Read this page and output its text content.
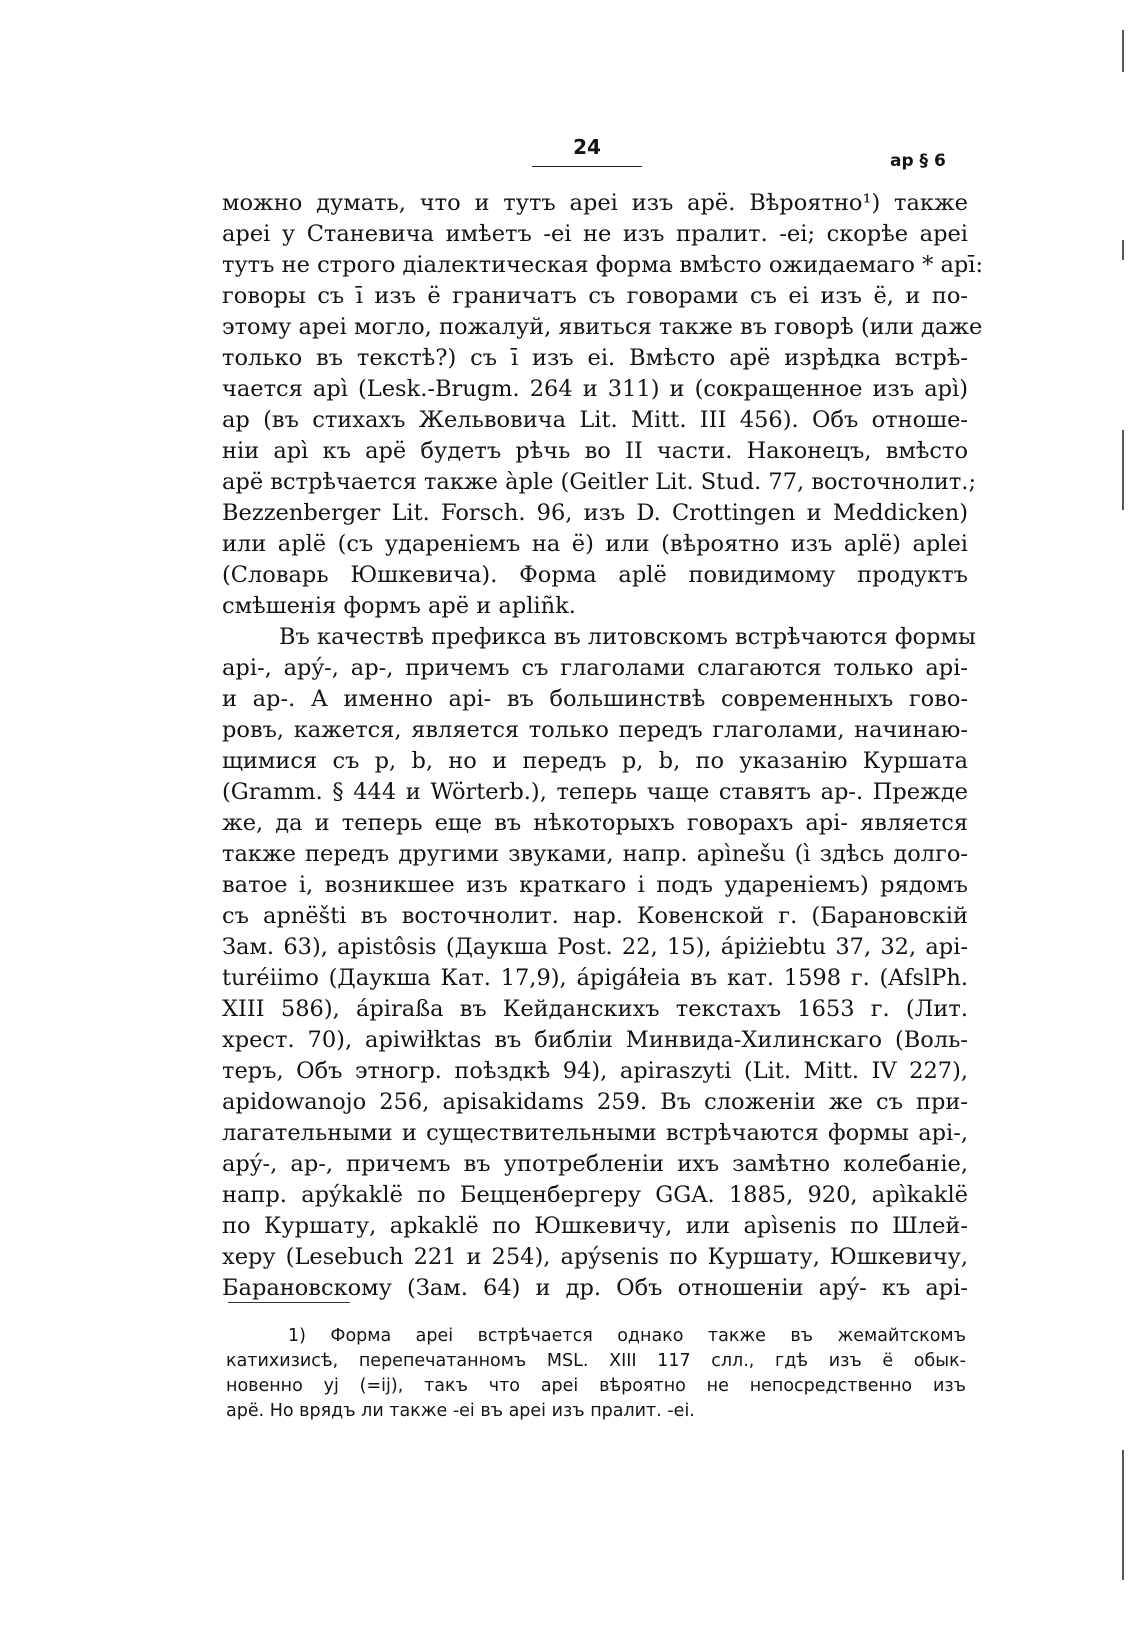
24
ap § 6
можно думать, что и тутъ apei изъ apё. Вѣроятно¹) также
apei у Станевича имѣетъ -ei не изъ пралит. -ei; скорѣе apei
тутъ не строго діалектическая форма вмѣсто ожидаемаго * apī:
говоры съ ī изъ ё граничатъ съ говорами съ ei изъ ё, и по-
этому apei могло, пожалуй, явиться также въ говорѣ (или даже
только въ текстѣ?) съ ī изъ ei. Вмѣсто apё изрѣдка встрѣ-
чается apì (Lesk.-Brugm. 264 и 311) и (сокращенное изъ apì)
ap (въ стихахъ Жельвовича Lit. Mitt. III 456). Объ отноше-
ніи apì къ apё будетъ рѣчь во II части. Наконецъ, вмѣсто
apё встрѣчается также àple (Geitler Lit. Stud. 77, восточнолит.;
Bezzenberger Lit. Forsch. 96, изъ D. Crottingen и Meddicken)
или aplё (съ удареніемъ на ё) или (вѣроятно изъ aplё) aplei
(Словарь Юшкевича). Форма aplё повидимому продуктъ
смѣшенія формъ apё и apliñk.
Въ качествѣ префикса въ литовскомъ встрѣчаются формы
api-, apý-, ap-, причемъ съ глаголами слагаются только api-
и ap-. А именно api- въ большинствѣ современныхъ гово-
ровъ, кажется, является только передъ глаголами, начинаю-
щимися съ p, b, но и передъ p, b, по указанію Куршата
(Gramm. § 444 и Wörterb.), теперь чаще ставятъ ap-. Прежде
же, да и теперь еще въ нѣкоторыхъ говорахъ api- является
также передъ другими звуками, напр. apìnešu (ì здѣсь долго-
ватое i, возникшее изъ краткаго i подъ удареніемъ) рядомъ
съ apnёšti въ восточнолит. нар. Ковенской г. (Барановскій
Зам. 63), apistôsis (Даукша Post. 22, 15), ápiżiebtu 37, 32, api-
turéiimo (Даукша Кат. 17,9), ápigáłeia въ кат. 1598 г. (AfslPh.
XIII 586), ápiraßa въ Кейданскихъ текстахъ 1653 г. (Лит.
хрест. 70), apiwiłktas въ библіи Минвида-Хилинскаго (Воль-
теръ, Объ этногр. поѣздкѣ 94), apiraszyti (Lit. Mitt. IV 227),
apidowanojo 256, apisakidams 259. Въ сложеніи же съ при-
лагательными и существительными встрѣчаются формы api-,
apý-, ap-, причемъ въ употребленіи ихъ замѣтно колебаніе,
напр. apýkaklё по Бецценбергеру GGA. 1885, 920, apìkaklё
по Куршату, apkaklё по Юшкевичу, или apìsenis по Шлей-
херу (Lesebuch 221 и 254), apýsenis по Куршату, Юшкевичу,
Барановскому (Зам. 64) и др. Объ отношеніи apý- къ api-
1) Форма apei встрѣчается однако также въ жемайтскомъ
катихизисѣ, перепечатанномъ MSL. XIII 117 слл., гдѣ изъ ё обык-
новенно yj (=ij), такъ что apei вѣроятно не непосредственно изъ
apё. Но врядъ ли также -ei въ apei изъ пралит. -ei.
